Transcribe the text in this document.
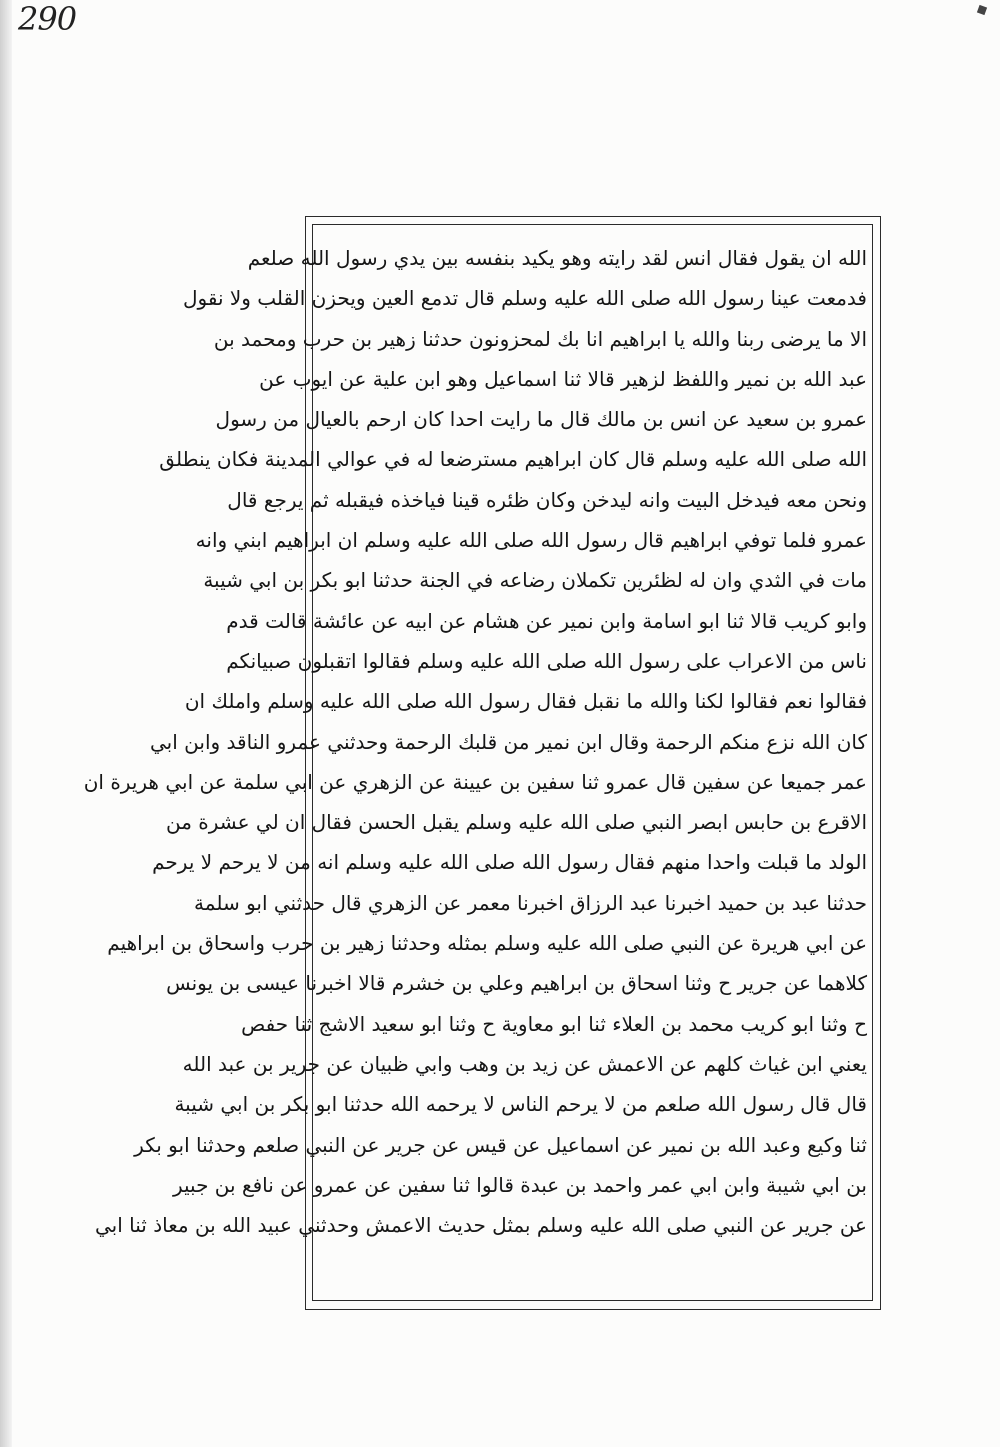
290
الله ان يقول فقال انس لقد رايته وهو يكيد بنفسه بين يدي رسول الله صلعم
فدمعت عينا رسول الله صلى الله عليه وسلم قال تدمع العين ويحزن القلب ولا نقول
الا ما يرضى ربنا والله يا ابراهيم انا بك لمحزونون حدثنا زهير بن حرب ومحمد بن
عبد الله بن نمير واللفظ لزهير قالا ثنا اسماعيل وهو ابن علية عن ايوب عن
عمرو بن سعيد عن انس بن مالك قال ما رايت احدا كان ارحم بالعيال من رسول
الله صلى الله عليه وسلم قال كان ابراهيم مسترضعا له في عوالي المدينة فكان ينطلق
ونحن معه فيدخل البيت وانه ليدخن وكان ظئره قينا فياخذه فيقبله ثم يرجع قال
عمرو فلما توفي ابراهيم قال رسول الله صلى الله عليه وسلم ان ابراهيم ابني وانه
مات في الثدي وان له لظئرين تكملان رضاعه في الجنة حدثنا ابو بكر بن ابي شيبة
وابو كريب قالا ثنا ابو اسامة وابن نمير عن هشام عن ابيه عن عائشة قالت قدم
ناس من الاعراب على رسول الله صلى الله عليه وسلم فقالوا اتقبلون صبيانكم
فقالوا نعم فقالوا لكنا والله ما نقبل فقال رسول الله صلى الله عليه وسلم واملك ان
كان الله نزع منكم الرحمة وقال ابن نمير من قلبك الرحمة وحدثني عمرو الناقد وابن ابي
عمر جميعا عن سفين قال عمرو ثنا سفين بن عيينة عن الزهري عن ابي سلمة عن ابي هريرة ان
الاقرع بن حابس ابصر النبي صلى الله عليه وسلم يقبل الحسن فقال ان لي عشرة من
الولد ما قبلت واحدا منهم فقال رسول الله صلى الله عليه وسلم انه من لا يرحم لا يرحم
حدثنا عبد بن حميد اخبرنا عبد الرزاق اخبرنا معمر عن الزهري قال حدثني ابو سلمة
عن ابي هريرة عن النبي صلى الله عليه وسلم بمثله وحدثنا زهير بن حرب واسحاق بن ابراهيم
كلاهما عن جرير ح وثنا اسحاق بن ابراهيم وعلي بن خشرم قالا اخبرنا عيسى بن يونس
ح وثنا ابو كريب محمد بن العلاء ثنا ابو معاوية ح وثنا ابو سعيد الاشج ثنا حفص
يعني ابن غياث كلهم عن الاعمش عن زيد بن وهب وابي ظبيان عن جرير بن عبد الله
قال قال رسول الله صلعم من لا يرحم الناس لا يرحمه الله حدثنا ابو بكر بن ابي شيبة
ثنا وكيع وعبد الله بن نمير عن اسماعيل عن قيس عن جرير عن النبي صلعم وحدثنا ابو بكر
بن ابي شيبة وابن ابي عمر واحمد بن عبدة قالوا ثنا سفين عن عمرو عن نافع بن جبير
عن جرير عن النبي صلى الله عليه وسلم بمثل حديث الاعمش وحدثني عبيد الله بن معاذ ثنا ابي
